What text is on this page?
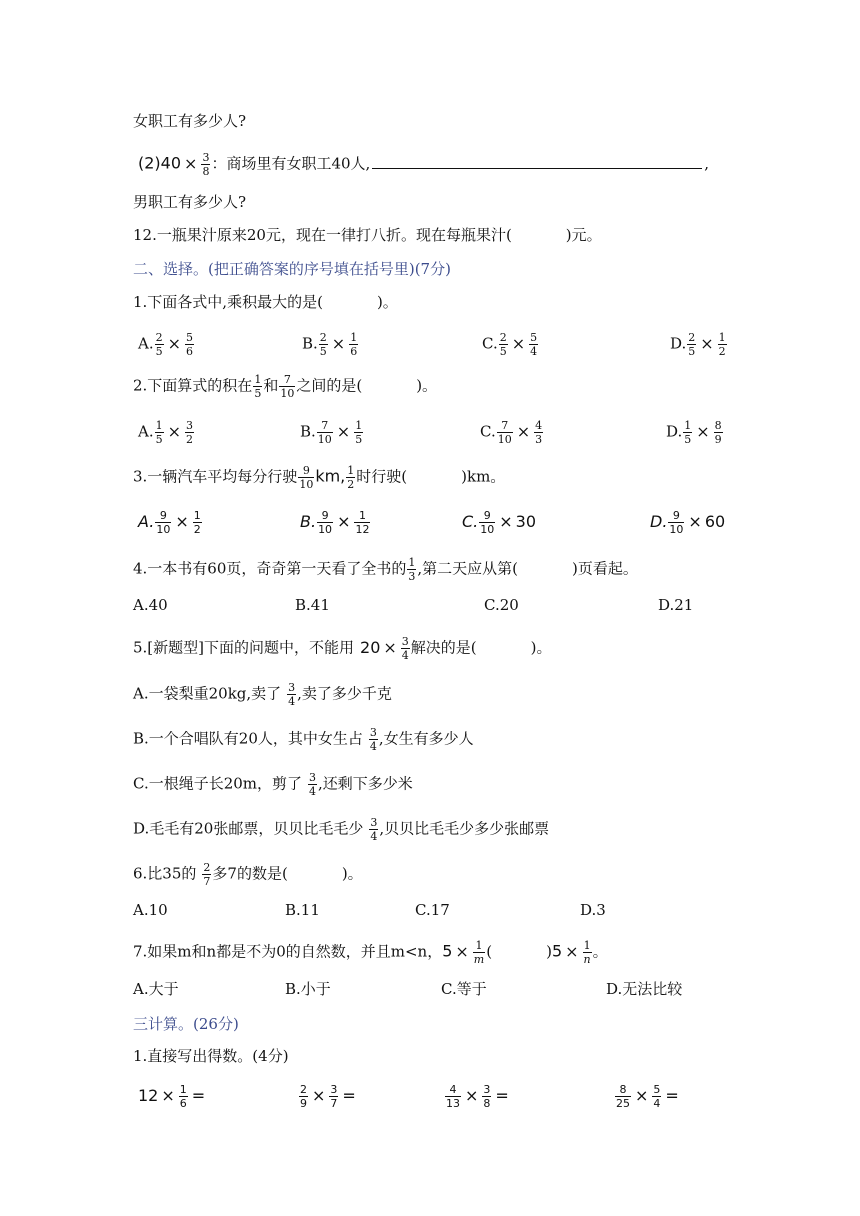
女职工有多少人?
$(2)40 \times \frac{3}{8}$ ：商场里有女职工40人,	,
男职工有多少人?
12.一瓶果汁原来20元，现在一律打八折。现在每瓶果汁(	)元。
二、选择。(把正确答案的序号填在括号里)(7分)
1.下面各式中,乘积最大的是(	)。
A. $\frac{2}{5} \times \frac{5}{6}$	B. $\frac{2}{5} \times \frac{1}{6}$	C. $\frac{2}{5} \times \frac{5}{4}$	D. $\frac{2}{5} \times \frac{1}{2}$
2.下面算式的积在 $\frac{1}{5}$ 和 $\frac{7}{10}$ 之间的是(	)。
A. $\frac{1}{5} \times \frac{3}{2}$	B. $\frac{7}{10} \times \frac{1}{5}$	C. $\frac{7}{10} \times \frac{4}{3}$	D. $\frac{1}{5} \times \frac{8}{9}$
3.一辆汽车平均每分行驶 $\frac{9}{10}$ km, $\frac{1}{2}$ 时行驶(	)km。
A. $\frac{9}{10} \times \frac{1}{2}$	B. $\frac{9}{10} \times \frac{1}{12}$	C. $\frac{9}{10} \times 30$	D. $\frac{9}{10} \times 60$
4.一本书有60页，奇奇第一天看了全书的 $\frac{1}{3}$ ,第二天应从第(	)页看起。
A.40	B.41	C.20	D.21
5.[新题型]下面的问题中，不能用 $20 \times \frac{3}{4}$ 解决的是(	)。
A.一袋梨重20kg,卖了 $\frac{3}{4}$ ,卖了多少千克
B.一个合唱队有20人，其中女生占 $\frac{3}{4}$ ,女生有多少人
C.一根绳子长20m，剪了 $\frac{3}{4}$ ,还剩下多少米
D.毛毛有20张邮票，贝贝比毛毛少 $\frac{3}{4}$ ,贝贝比毛毛少多少张邮票
6.比35的 $\frac{2}{7}$ 多7的数是(	)。
A.10	B.11	C.17	D.3
7.如果m和n都是不为0的自然数，并且m<n，$5 \times \frac{1}{m}$ (	)$5 \times \frac{1}{n}$ 。
A.大于	B.小于	C.等于	D.无法比较
三计算。(26分)
1.直接写出得数。(4分)
$12 \times \frac{1}{6}$ =	$\frac{2}{9} \times \frac{3}{7}$ =	$\frac{4}{13} \times \frac{3}{8}$ =	$\frac{8}{25} \times \frac{5}{4}$ =
